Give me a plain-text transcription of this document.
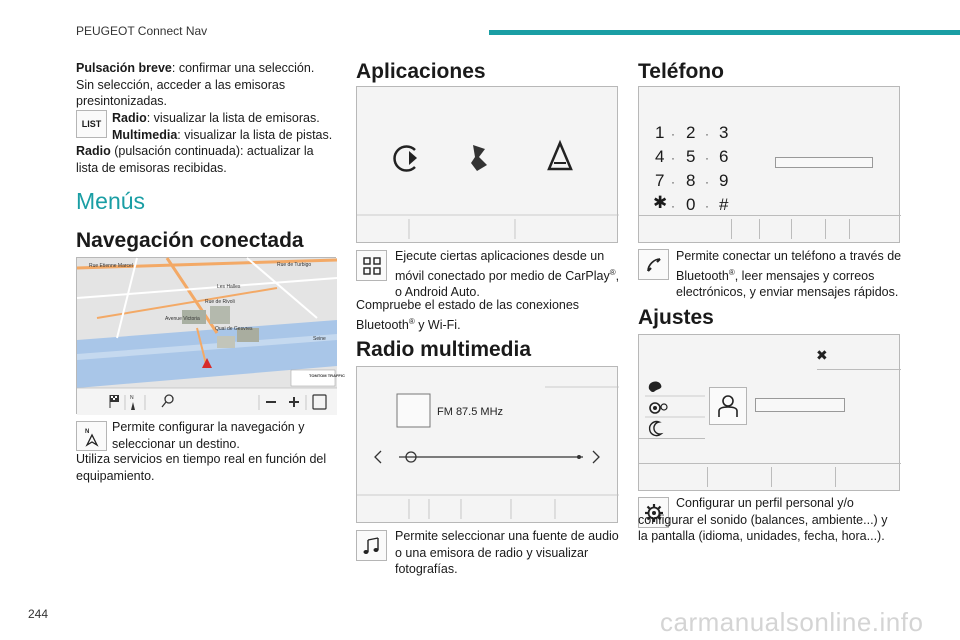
PEUGEOT Connect Nav
Pulsación breve: confirmar una selección.
Sin selección, acceder a las emisoras presintonizadas.
LIST Radio: visualizar la lista de emisoras.
Multimedia: visualizar la lista de pistas.
Radio (pulsación continuada): actualizar la lista de emisoras recibidas.
Menús
Navegación conectada
Rue Etienne Marcel	Rue de Turbigo
Les Halles
Rue de Rivoli
Avenue Victoria
Quai de Gesvres
Seine
TOMTOM TRAFFIC
N
N Permite configurar la navegación y seleccionar un destino.
Utiliza servicios en tiempo real en función del equipamiento.
Aplicaciones
Ejecute ciertas aplicaciones desde un móvil conectado por medio de CarPlay®, o Android Auto.
Compruebe el estado de las conexiones Bluetooth® y Wi-Fi.
Radio multimedia
FM 87.5 MHz
Permite seleccionar una fuente de audio o una emisora de radio y visualizar fotografías.
Teléfono
1 · 2 · 3
4 · 5 · 6
7 · 8 · 9
✱ · 0 · #
Permite conectar un teléfono a través de Bluetooth®, leer mensajes y correos electrónicos, y enviar mensajes rápidos.
Ajustes
✖
Configurar un perfil personal y/o configurar el sonido (balances, ambiente...) y la pantalla (idioma, unidades, fecha, hora...).
244	carmanualsonline.info
